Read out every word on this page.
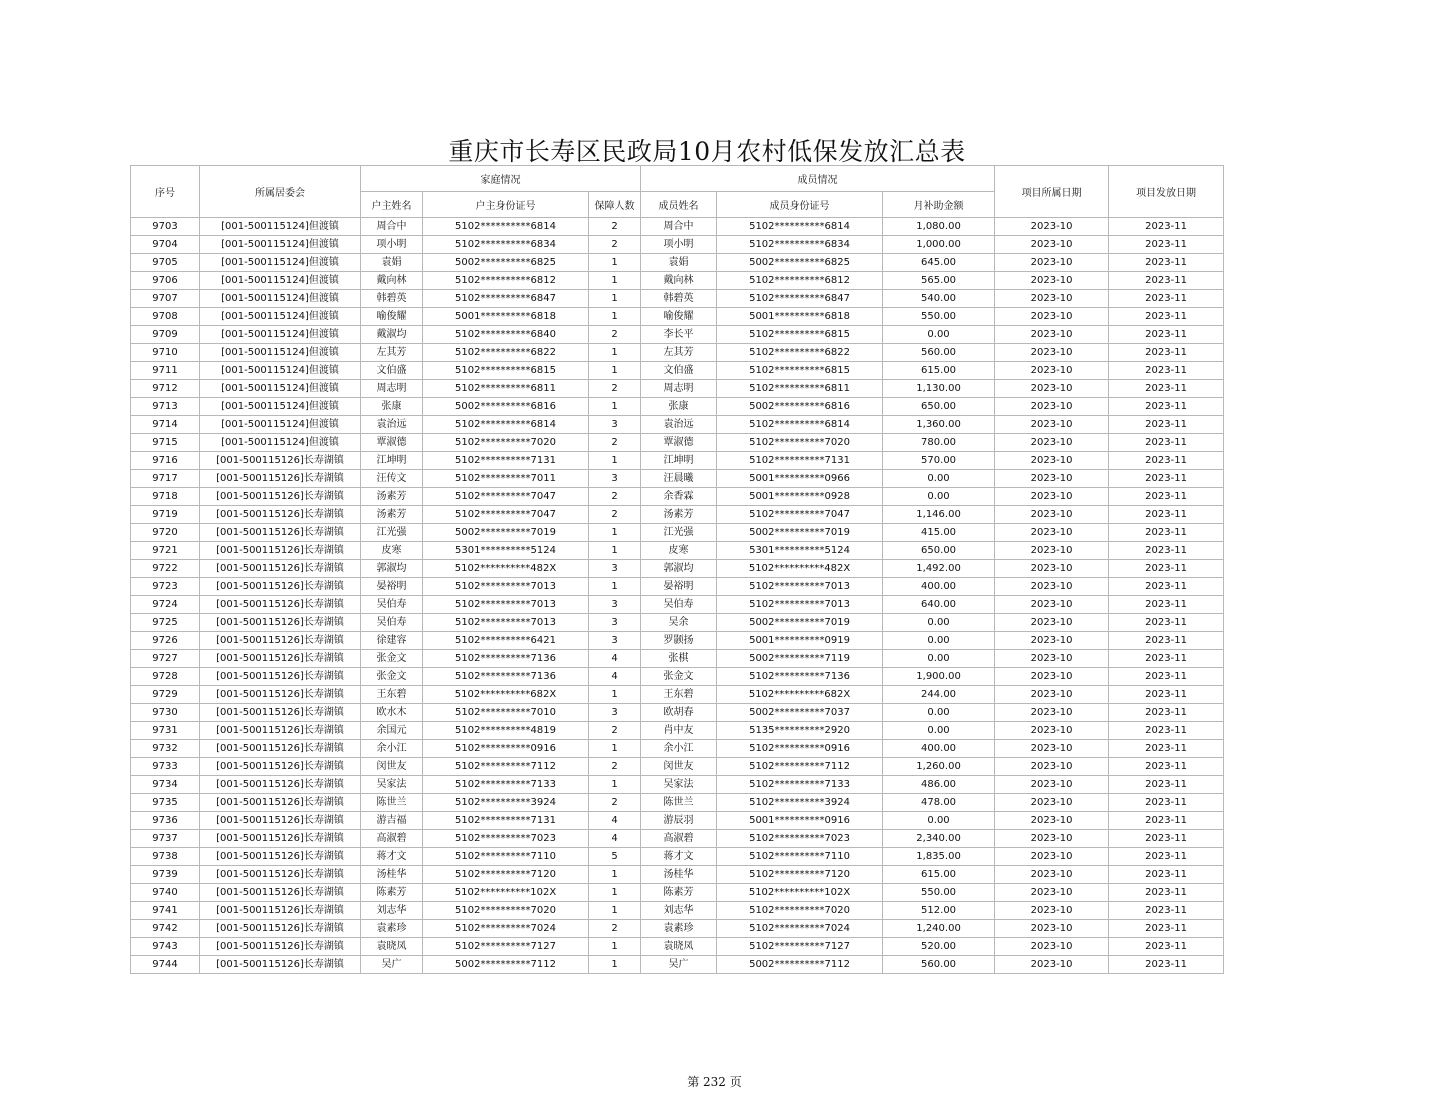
重庆市长寿区民政局10月农村低保发放汇总表
序号	所属居委会	家庭情况			成员情况			项目所属日期	项目发放日期
		户主姓名	户主身份证号	保障人数	成员姓名	成员身份证号	月补助金额		
9703	[001-500115124]但渡镇	周合中	5102**********6814	2	周合中	5102**********6814	1,080.00	2023-10	2023-11
9704	[001-500115124]但渡镇	项小明	5102**********6834	2	项小明	5102**********6834	1,000.00	2023-10	2023-11
9705	[001-500115124]但渡镇	袁娟	5002**********6825	1	袁娟	5002**********6825	645.00	2023-10	2023-11
9706	[001-500115124]但渡镇	戴向林	5102**********6812	1	戴向林	5102**********6812	565.00	2023-10	2023-11
9707	[001-500115124]但渡镇	韩碧英	5102**********6847	1	韩碧英	5102**********6847	540.00	2023-10	2023-11
9708	[001-500115124]但渡镇	喻俊耀	5001**********6818	1	喻俊耀	5001**********6818	550.00	2023-10	2023-11
9709	[001-500115124]但渡镇	戴淑均	5102**********6840	2	李长平	5102**********6815	0.00	2023-10	2023-11
9710	[001-500115124]但渡镇	左其芳	5102**********6822	1	左其芳	5102**********6822	560.00	2023-10	2023-11
9711	[001-500115124]但渡镇	文伯盛	5102**********6815	1	文伯盛	5102**********6815	615.00	2023-10	2023-11
9712	[001-500115124]但渡镇	周志明	5102**********6811	2	周志明	5102**********6811	1,130.00	2023-10	2023-11
9713	[001-500115124]但渡镇	张康	5002**********6816	1	张康	5002**********6816	650.00	2023-10	2023-11
9714	[001-500115124]但渡镇	袁治远	5102**********6814	3	袁治远	5102**********6814	1,360.00	2023-10	2023-11
9715	[001-500115124]但渡镇	覃淑德	5102**********7020	2	覃淑德	5102**********7020	780.00	2023-10	2023-11
9716	[001-500115126]长寿湖镇	江坤明	5102**********7131	1	江坤明	5102**********7131	570.00	2023-10	2023-11
9717	[001-500115126]长寿湖镇	汪传文	5102**********7011	3	汪晨曦	5001**********0966	0.00	2023-10	2023-11
9718	[001-500115126]长寿湖镇	汤素芳	5102**********7047	2	余香霖	5001**********0928	0.00	2023-10	2023-11
9719	[001-500115126]长寿湖镇	汤素芳	5102**********7047	2	汤素芳	5102**********7047	1,146.00	2023-10	2023-11
9720	[001-500115126]长寿湖镇	江光强	5002**********7019	1	江光强	5002**********7019	415.00	2023-10	2023-11
9721	[001-500115126]长寿湖镇	皮寒	5301**********5124	1	皮寒	5301**********5124	650.00	2023-10	2023-11
9722	[001-500115126]长寿湖镇	郭淑均	5102**********482X	3	郭淑均	5102**********482X	1,492.00	2023-10	2023-11
9723	[001-500115126]长寿湖镇	晏裕明	5102**********7013	1	晏裕明	5102**********7013	400.00	2023-10	2023-11
9724	[001-500115126]长寿湖镇	吴伯寿	5102**********7013	3	吴伯寿	5102**********7013	640.00	2023-10	2023-11
9725	[001-500115126]长寿湖镇	吴伯寿	5102**********7013	3	吴余	5002**********7019	0.00	2023-10	2023-11
9726	[001-500115126]长寿湖镇	徐建容	5102**********6421	3	罗颢扬	5001**********0919	0.00	2023-10	2023-11
9727	[001-500115126]长寿湖镇	张金文	5102**********7136	4	张棋	5002**********7119	0.00	2023-10	2023-11
9728	[001-500115126]长寿湖镇	张金文	5102**********7136	4	张金文	5102**********7136	1,900.00	2023-10	2023-11
9729	[001-500115126]长寿湖镇	王东碧	5102**********682X	1	王东碧	5102**********682X	244.00	2023-10	2023-11
9730	[001-500115126]长寿湖镇	欧水木	5102**********7010	3	欧胡春	5002**********7037	0.00	2023-10	2023-11
9731	[001-500115126]长寿湖镇	余国元	5102**********4819	2	肖中友	5135**********2920	0.00	2023-10	2023-11
9732	[001-500115126]长寿湖镇	余小江	5102**********0916	1	余小江	5102**********0916	400.00	2023-10	2023-11
9733	[001-500115126]长寿湖镇	闵世友	5102**********7112	2	闵世友	5102**********7112	1,260.00	2023-10	2023-11
9734	[001-500115126]长寿湖镇	吴家法	5102**********7133	1	吴家法	5102**********7133	486.00	2023-10	2023-11
9735	[001-500115126]长寿湖镇	陈世兰	5102**********3924	2	陈世兰	5102**********3924	478.00	2023-10	2023-11
9736	[001-500115126]长寿湖镇	游吉福	5102**********7131	4	游辰羽	5001**********0916	0.00	2023-10	2023-11
9737	[001-500115126]长寿湖镇	高淑碧	5102**********7023	4	高淑碧	5102**********7023	2,340.00	2023-10	2023-11
9738	[001-500115126]长寿湖镇	蒋才文	5102**********7110	5	蒋才文	5102**********7110	1,835.00	2023-10	2023-11
9739	[001-500115126]长寿湖镇	汤桂华	5102**********7120	1	汤桂华	5102**********7120	615.00	2023-10	2023-11
9740	[001-500115126]长寿湖镇	陈素芳	5102**********102X	1	陈素芳	5102**********102X	550.00	2023-10	2023-11
9741	[001-500115126]长寿湖镇	刘志华	5102**********7020	1	刘志华	5102**********7020	512.00	2023-10	2023-11
9742	[001-500115126]长寿湖镇	袁素珍	5102**********7024	2	袁素珍	5102**********7024	1,240.00	2023-10	2023-11
9743	[001-500115126]长寿湖镇	袁晓凤	5102**********7127	1	袁晓凤	5102**********7127	520.00	2023-10	2023-11
9744	[001-500115126]长寿湖镇	吴广	5002**********7112	1	吴广	5002**********7112	560.00	2023-10	2023-11
第 232 页
